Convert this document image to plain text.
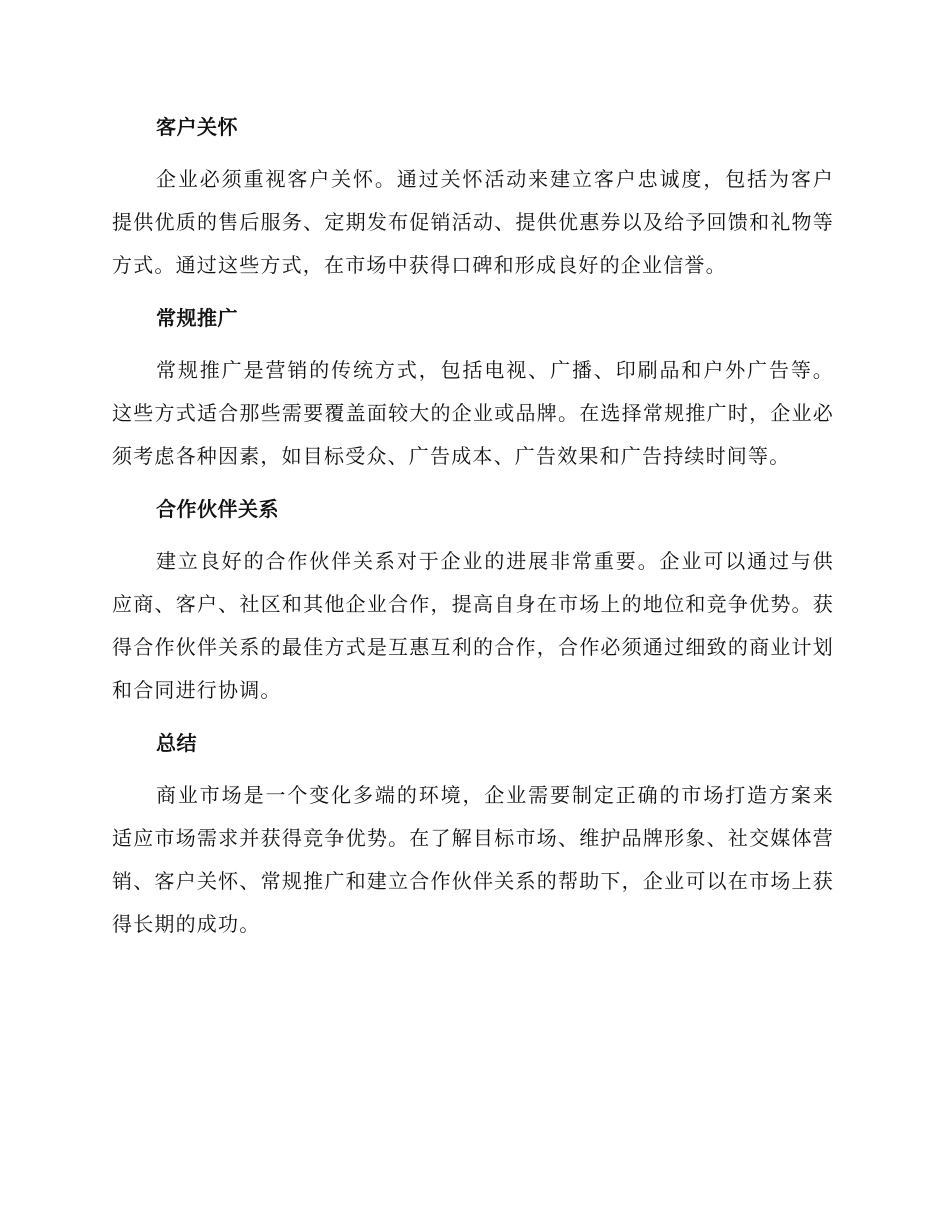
客户关怀

企业必须重视客户关怀。通过关怀活动来建立客户忠诚度，包括为客户提供优质的售后服务、定期发布促销活动、提供优惠券以及给予回馈和礼物等方式。通过这些方式，在市场中获得口碑和形成良好的企业信誉。

常规推广

常规推广是营销的传统方式，包括电视、广播、印刷品和户外广告等。这些方式适合那些需要覆盖面较大的企业或品牌。在选择常规推广时，企业必须考虑各种因素，如目标受众、广告成本、广告效果和广告持续时间等。

合作伙伴关系

建立良好的合作伙伴关系对于企业的进展非常重要。企业可以通过与供应商、客户、社区和其他企业合作，提高自身在市场上的地位和竞争优势。获得合作伙伴关系的最佳方式是互惠互利的合作，合作必须通过细致的商业计划和合同进行协调。

总结

商业市场是一个变化多端的环境，企业需要制定正确的市场打造方案来适应市场需求并获得竞争优势。在了解目标市场、维护品牌形象、社交媒体营销、客户关怀、常规推广和建立合作伙伴关系的帮助下，企业可以在市场上获得长期的成功。
